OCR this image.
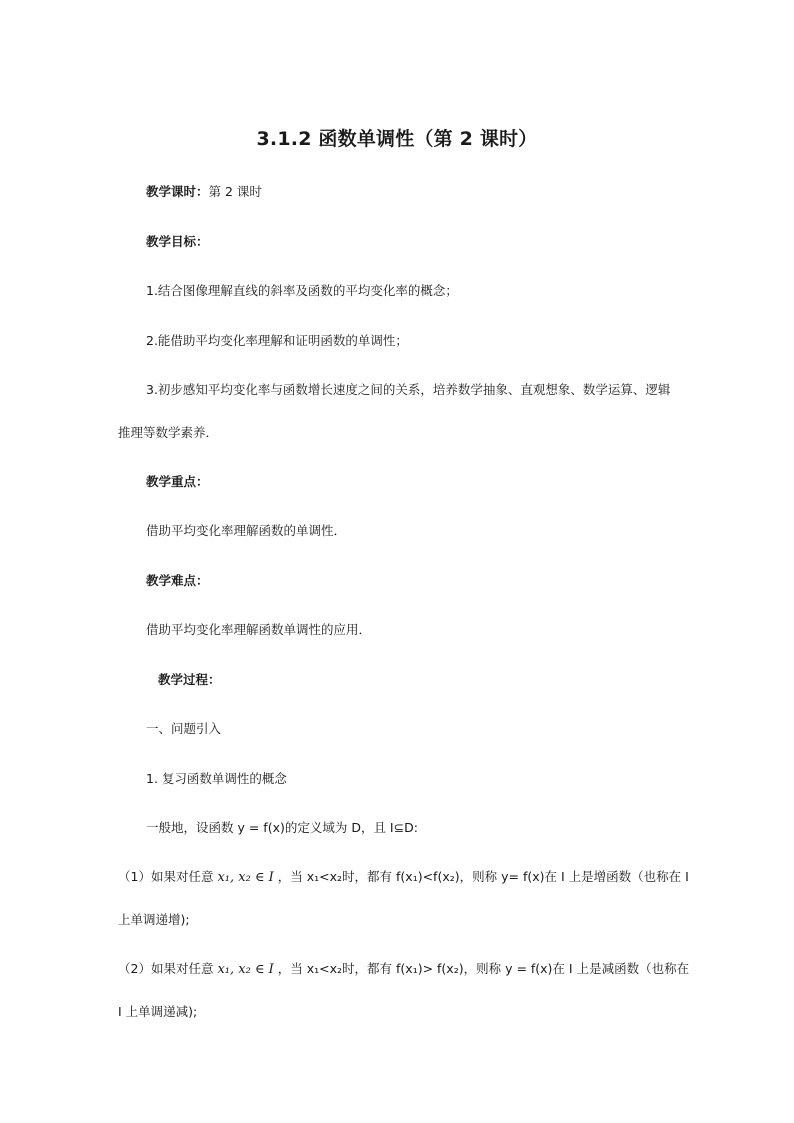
3.1.2 函数单调性（第 2 课时）
教学课时：第 2 课时
教学目标：
1.结合图像理解直线的斜率及函数的平均变化率的概念；
2.能借助平均变化率理解和证明函数的单调性；
3.初步感知平均变化率与函数增长速度之间的关系，培养数学抽象、直观想象、数学运算、逻辑
推理等数学素养．
教学重点：
借助平均变化率理解函数的单调性．
教学难点：
借助平均变化率理解函数单调性的应用．
教学过程：
一、问题引入
1. 复习函数单调性的概念
一般地，设函数 y = f(x)的定义域为 D，且 I⊆D:
（1）如果对任意 x₁, x₂ ∈ I ，当 x₁<x₂时，都有 f(x₁)<f(x₂)，则称 y= f(x)在 I 上是增函数（也称在 I
上单调递增);
（2）如果对任意 x₁, x₂ ∈ I ，当 x₁<x₂时，都有 f(x₁)> f(x₂)，则称 y = f(x)在 I 上是减函数（也称在
I 上单调递减);
